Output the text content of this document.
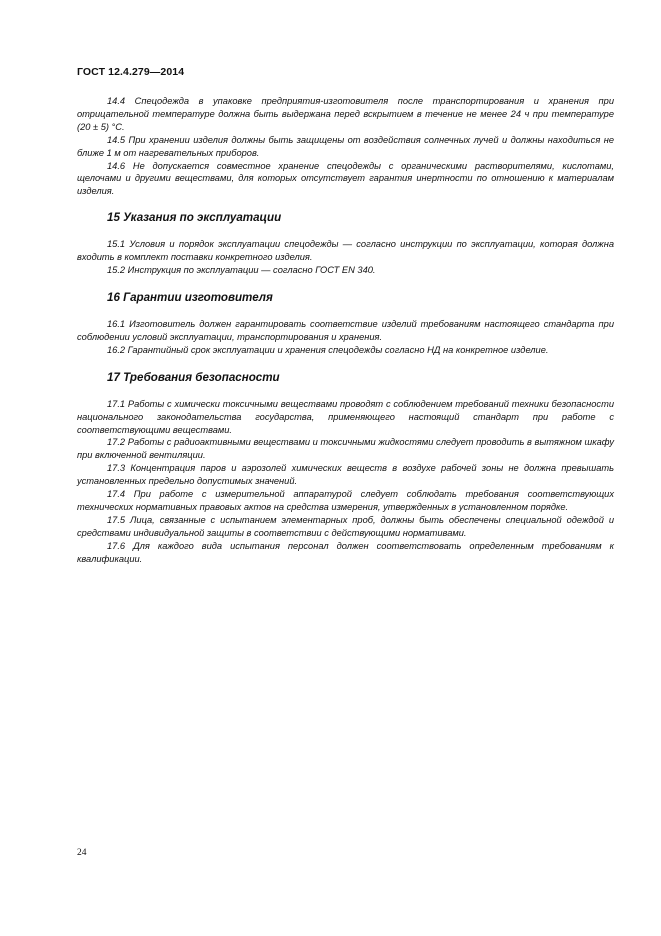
ГОСТ 12.4.279—2014

14.4 Спецодежда в упаковке предприятия-изготовителя после транспортирования и хранения при отрицательной температуре должна быть выдержана перед вскрытием в течение не менее 24 ч при температуре (20 ± 5) °С.

14.5 При хранении изделия должны быть защищены от воздействия солнечных лучей и должны находиться не ближе 1 м от нагревательных приборов.

14.6 Не допускается совместное хранение спецодежды с органическими растворителями, кислотами, щелочами и другими веществами, для которых отсутствует гарантия инертности по отношению к материалам изделия.

15 Указания по эксплуатации

15.1 Условия и порядок эксплуатации спецодежды — согласно инструкции по эксплуатации, которая должна входить в комплект поставки конкретного изделия.

15.2 Инструкция по эксплуатации — согласно ГОСТ EN 340.

16 Гарантии изготовителя

16.1 Изготовитель должен гарантировать соответствие изделий требованиям настоящего стандарта при соблюдении условий эксплуатации, транспортирования и хранения.

16.2 Гарантийный срок эксплуатации и хранения спецодежды согласно НД на конкретное изделие.

17 Требования безопасности

17.1 Работы с химически токсичными веществами проводят с соблюдением требований техники безопасности национального законодательства государства, применяющего настоящий стандарт при работе с соответствующими веществами.

17.2 Работы с радиоактивными веществами и токсичными жидкостями следует проводить в вытяжном шкафу при включенной вентиляции.

17.3 Концентрация паров и аэрозолей химических веществ в воздухе рабочей зоны не должна превышать установленных предельно допустимых значений.

17.4 При работе с измерительной аппаратурой следует соблюдать требования соответствующих технических нормативных правовых актов на средства измерения, утвержденных в установленном порядке.

17.5 Лица, связанные с испытанием элементарных проб, должны быть обеспечены специальной одеждой и средствами индивидуальной защиты в соответствии с действующими нормативами.

17.6 Для каждого вида испытания персонал должен соответствовать определенным требованиям к квалификации.

24
